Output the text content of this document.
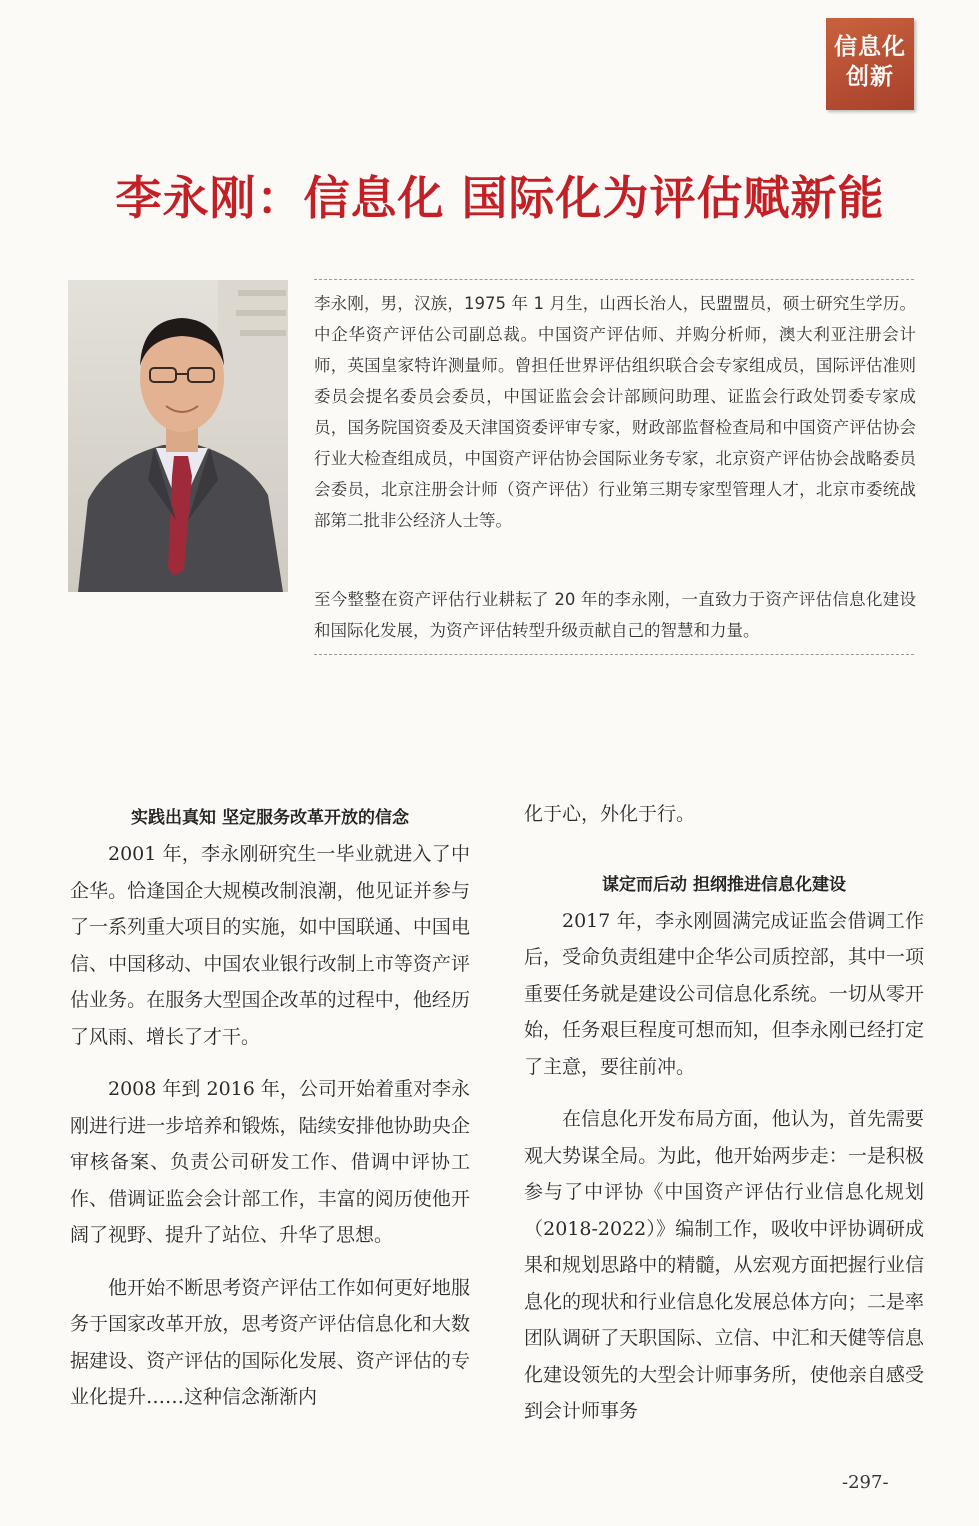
信息化
创新
李永刚：信息化 国际化为评估赋新能
李永刚，男，汉族，1975 年 1 月生，山西长治人，民盟盟员，硕士研究生学历。中企华资产评估公司副总裁。中国资产评估师、并购分析师，澳大利亚注册会计师，英国皇家特许测量师。曾担任世界评估组织联合会专家组成员，国际评估准则委员会提名委员会委员，中国证监会会计部顾问助理、证监会行政处罚委专家成员，国务院国资委及天津国资委评审专家，财政部监督检查局和中国资产评估协会行业大检查组成员，中国资产评估协会国际业务专家，北京资产评估协会战略委员会委员，北京注册会计师（资产评估）行业第三期专家型管理人才，北京市委统战部第二批非公经济人士等。
至今整整在资产评估行业耕耘了 20 年的李永刚，一直致力于资产评估信息化建设和国际化发展，为资产评估转型升级贡献自己的智慧和力量。
实践出真知 坚定服务改革开放的信念

2001 年，李永刚研究生一毕业就进入了中企华。恰逢国企大规模改制浪潮，他见证并参与了一系列重大项目的实施，如中国联通、中国电信、中国移动、中国农业银行改制上市等资产评估业务。在服务大型国企改革的过程中，他经历了风雨、增长了才干。

2008 年到 2016 年，公司开始着重对李永刚进行进一步培养和锻炼，陆续安排他协助央企审核备案、负责公司研发工作、借调中评协工作、借调证监会会计部工作，丰富的阅历使他开阔了视野、提升了站位、升华了思想。

他开始不断思考资产评估工作如何更好地服务于国家改革开放，思考资产评估信息化和大数据建设、资产评估的国际化发展、资产评估的专业化提升……这种信念渐渐内

化于心，外化于行。

谋定而后动 担纲推进信息化建设

2017 年，李永刚圆满完成证监会借调工作后，受命负责组建中企华公司质控部，其中一项重要任务就是建设公司信息化系统。一切从零开始，任务艰巨程度可想而知，但李永刚已经打定了主意，要往前冲。

在信息化开发布局方面，他认为，首先需要观大势谋全局。为此，他开始两步走：一是积极参与了中评协《中国资产评估行业信息化规划（2018-2022）》编制工作，吸收中评协调研成果和规划思路中的精髓，从宏观方面把握行业信息化的现状和行业信息化发展总体方向；二是率团队调研了天职国际、立信、中汇和天健等信息化建设领先的大型会计师事务所，使他亲自感受到会计师事务

-297-
